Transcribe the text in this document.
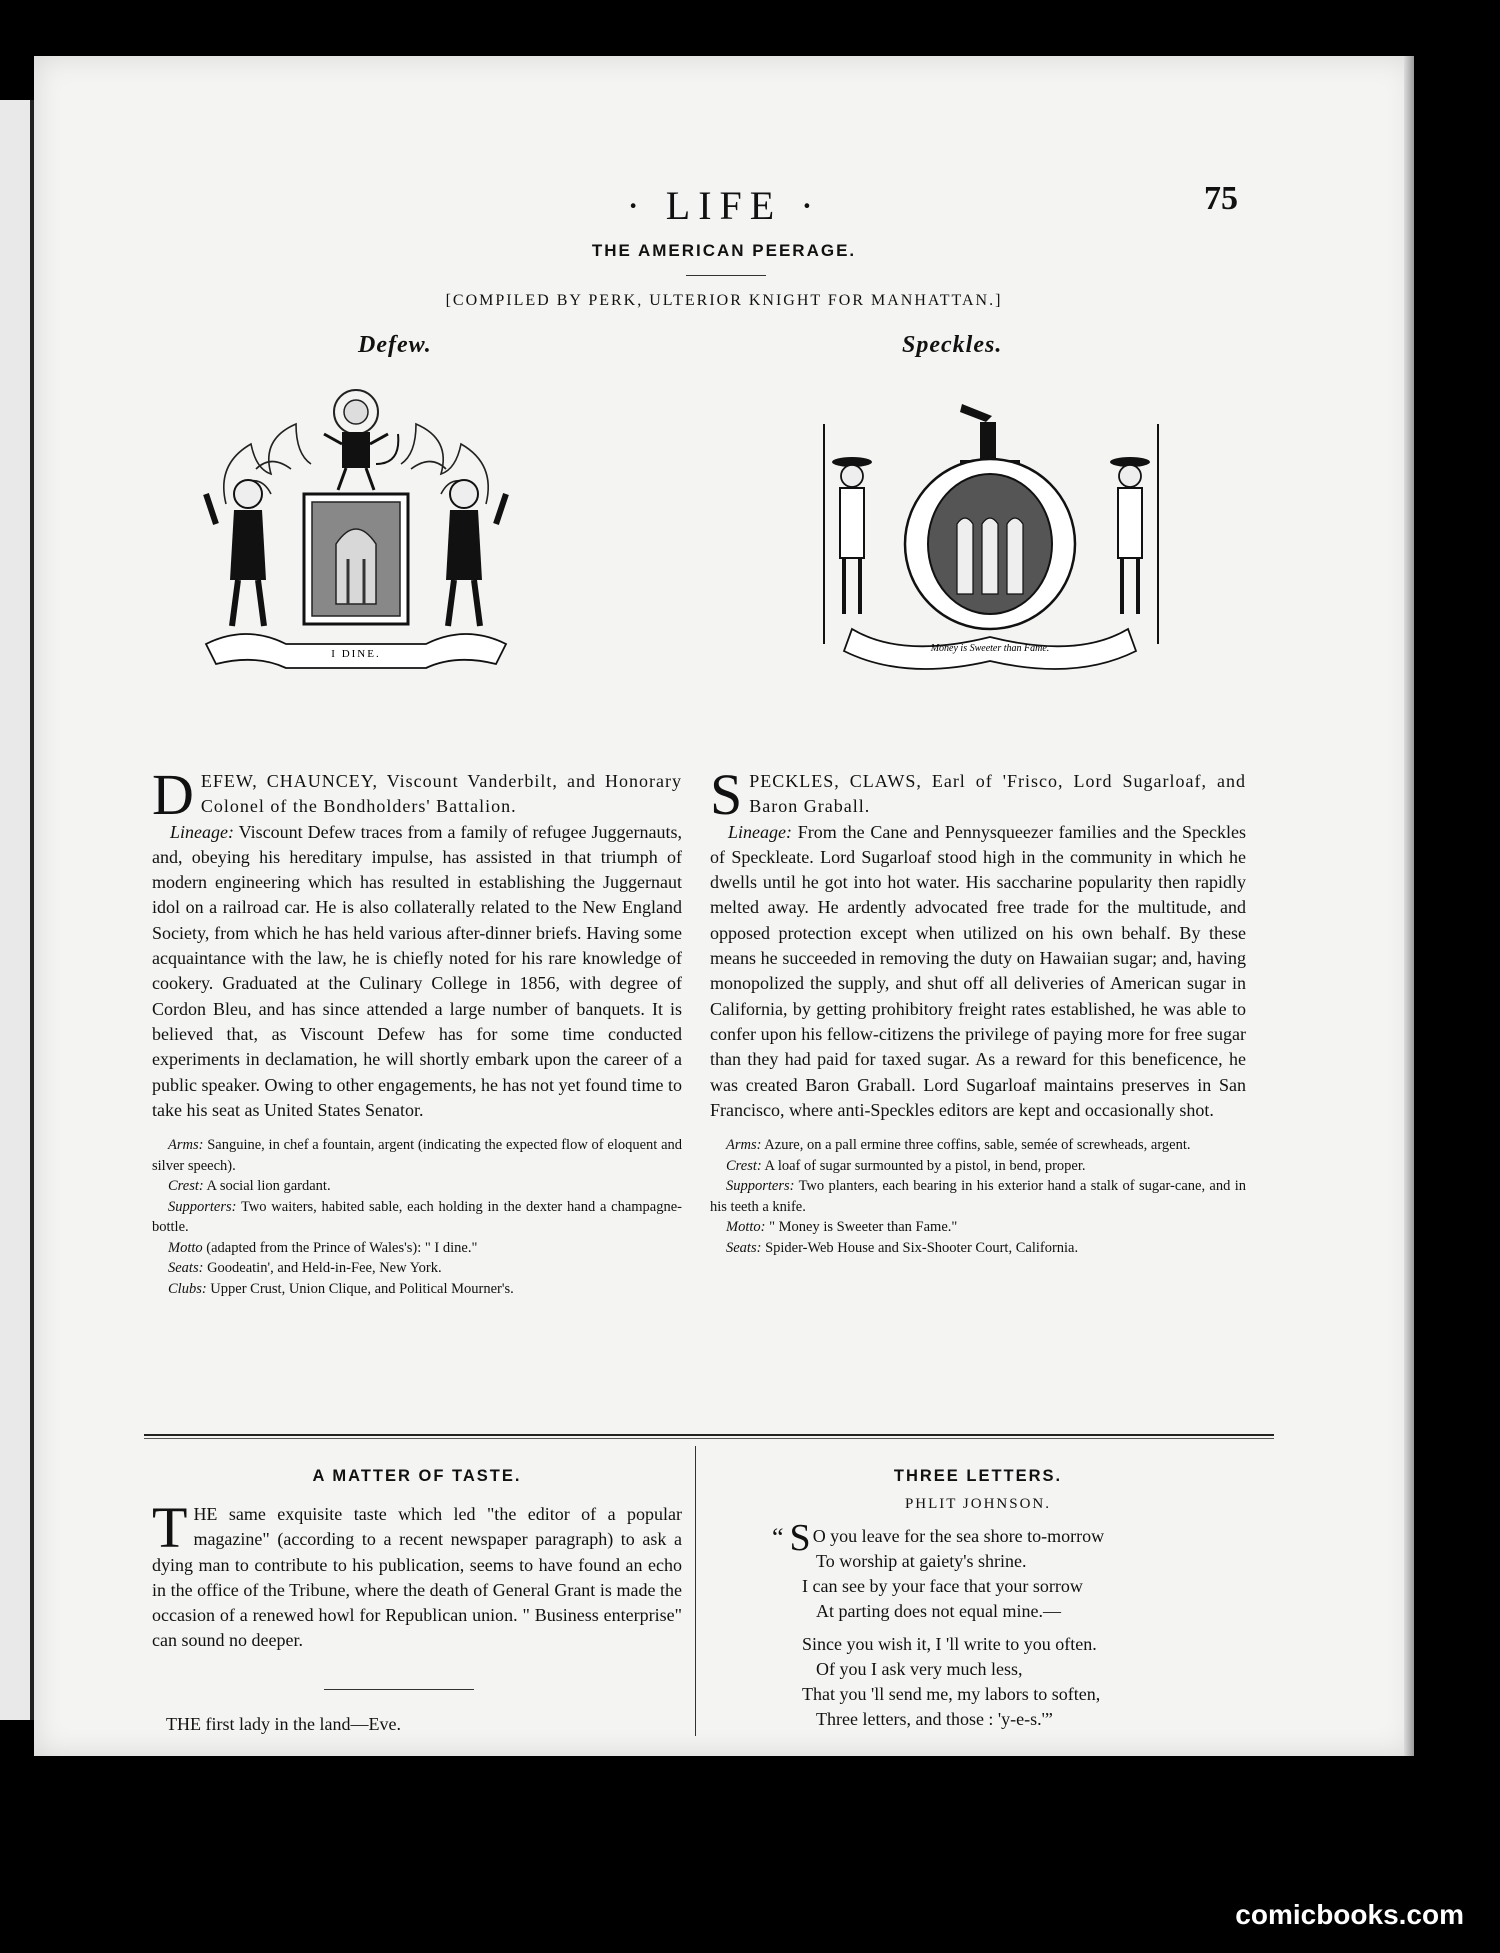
· LIFE ·	75
THE AMERICAN PEERAGE.
[COMPILED BY PERK, ULTERIOR KNIGHT FOR MANHATTAN.]
Defew.	Speckles.
I DINE.	Money is Sweeter than Fame.

DEFEW, CHAUNCEY, Viscount Vanderbilt, and Honorary Colonel of the Bondholders' Battalion.

Lineage: Viscount Defew traces from a family of refugee Juggernauts, and, obeying his hereditary impulse, has assisted in that triumph of modern engineering which has resulted in establishing the Juggernaut idol on a railroad car. He is also collaterally related to the New England Society, from which he has held various after-dinner briefs. Having some acquaintance with the law, he is chiefly noted for his rare knowledge of cookery. Graduated at the Culinary College in 1856, with degree of Cordon Bleu, and has since attended a large number of banquets. It is believed that, as Viscount Defew has for some time conducted experiments in declamation, he will shortly embark upon the career of a public speaker. Owing to other engagements, he has not yet found time to take his seat as United States Senator.

Arms: Sanguine, in chef a fountain, argent (indicating the expected flow of eloquent and silver speech).

Crest: A social lion gardant.

Supporters: Two waiters, habited sable, each holding in the dexter hand a champagne-bottle.

Motto (adapted from the Prince of Wales's): " I dine."

Seats: Goodeatin', and Held-in-Fee, New York.

Clubs: Upper Crust, Union Clique, and Political Mourner's.

SPECKLES, CLAWS, Earl of 'Frisco, Lord Sugarloaf, and Baron Graball.

Lineage: From the Cane and Pennysqueezer families and the Speckles of Speckleate. Lord Sugarloaf stood high in the community in which he dwells until he got into hot water. His saccharine popularity then rapidly melted away. He ardently advocated free trade for the multitude, and opposed protection except when utilized on his own behalf. By these means he succeeded in removing the duty on Hawaiian sugar; and, having monopolized the supply, and shut off all deliveries of American sugar in California, by getting prohibitory freight rates established, he was able to confer upon his fellow-citizens the privilege of paying more for free sugar than they had paid for taxed sugar. As a reward for this beneficence, he was created Baron Graball. Lord Sugarloaf maintains preserves in San Francisco, where anti-Speckles editors are kept and occasionally shot.

Arms: Azure, on a pall ermine three coffins, sable, semée of screwheads, argent.

Crest: A loaf of sugar surmounted by a pistol, in bend, proper.

Supporters: Two planters, each bearing in his exterior hand a stalk of sugar-cane, and in his teeth a knife.

Motto: " Money is Sweeter than Fame."

Seats: Spider-Web House and Six-Shooter Court, California.

A MATTER OF TASTE.

THE same exquisite taste which led "the editor of a popular magazine" (according to a recent newspaper paragraph) to ask a dying man to contribute to his publication, seems to have found an echo in the office of the Tribune, where the death of General Grant is made the occasion of a renewed howl for Republican union. " Business enterprise" can sound no deeper.

THE first lady in the land—Eve.
THREE LETTERS.
PHLIT JOHNSON.

“ S O you leave for the sea shore to-morrow

To worship at gaiety's shrine.

I can see by your face that your sorrow

At parting does not equal mine.—

Since you wish it, I 'll write to you often.

Of you I ask very much less,

That you 'll send me, my labors to soften,

Three letters, and those : 'y-e-s.'”

comicbooks.com
